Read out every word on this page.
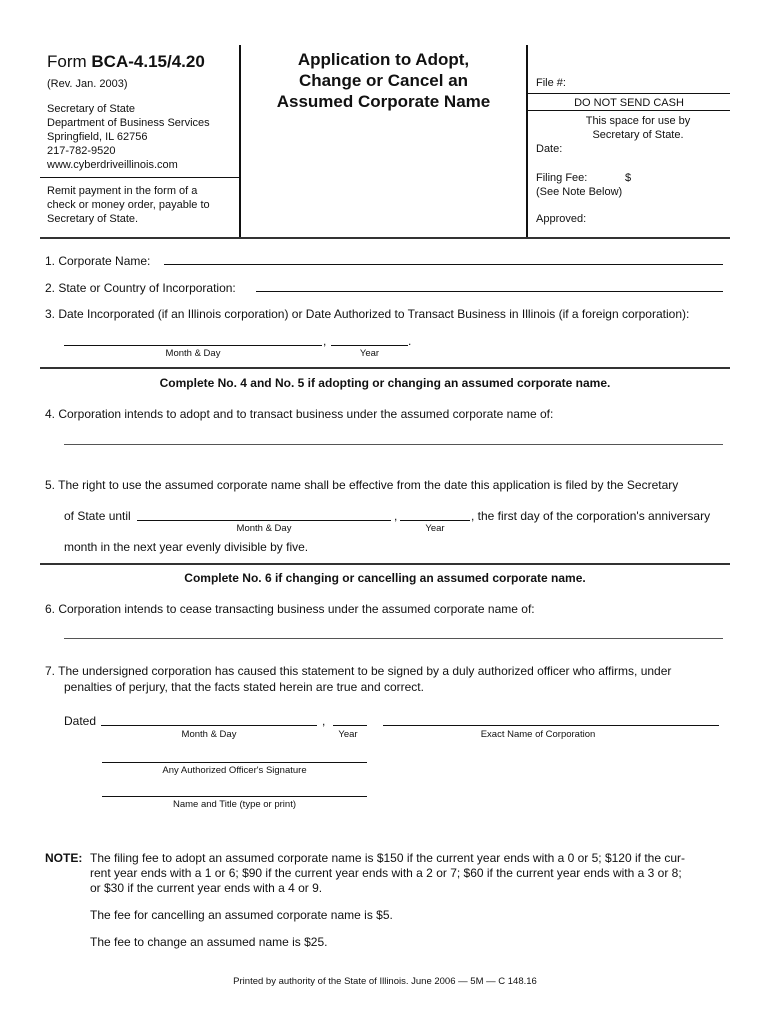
Form BCA-4.15/4.20
(Rev. Jan. 2003)
Secretary of State
Department of Business Services
Springfield, IL 62756
217-782-9520
www.cyberdriveillinois.com
Remit payment in the form of a
check or money order, payable to
Secretary of State.
Application to Adopt,
Change or Cancel an
Assumed Corporate Name
File #:
DO NOT SEND CASH
This space for use by
Secretary of State.
Date:
Filing Fee:	$
(See Note Below)
Approved:
1. Corporate Name:
2. State or Country of Incorporation:
3. Date Incorporated (if an Illinois corporation) or Date Authorized to Transact Business in Illinois (if a foreign corporation):
,	.
Month & Day	Year
Complete No. 4 and No. 5 if adopting or changing an assumed corporate name.
4. Corporation intends to adopt and to transact business under the assumed corporate name of:
5. The right to use the assumed corporate name shall be effective from the date this application is filed by the Secretary
of State until	,	, the first day of the corporation's anniversary
Month & Day	Year
month in the next year evenly divisible by five.
Complete No. 6 if changing or cancelling an assumed corporate name.
6. Corporation intends to cease transacting business under the assumed corporate name of:
7. The undersigned corporation has caused this statement to be signed by a duly authorized officer who affirms, under
penalties of perjury, that the facts stated herein are true and correct.
Dated	,
Month & Day	Year	Exact Name of Corporation
Any Authorized Officer's Signature
Name and Title (type or print)
NOTE: The filing fee to adopt an assumed corporate name is $150 if the current year ends with a 0 or 5; $120 if the cur-
rent year ends with a 1 or 6; $90 if the current year ends with a 2 or 7; $60 if the current year ends with a 3 or 8;
or $30 if the current year ends with a 4 or 9.
The fee for cancelling an assumed corporate name is $5.
The fee to change an assumed name is $25.
Printed by authority of the State of Illinois. June 2006 — 5M — C 148.16
